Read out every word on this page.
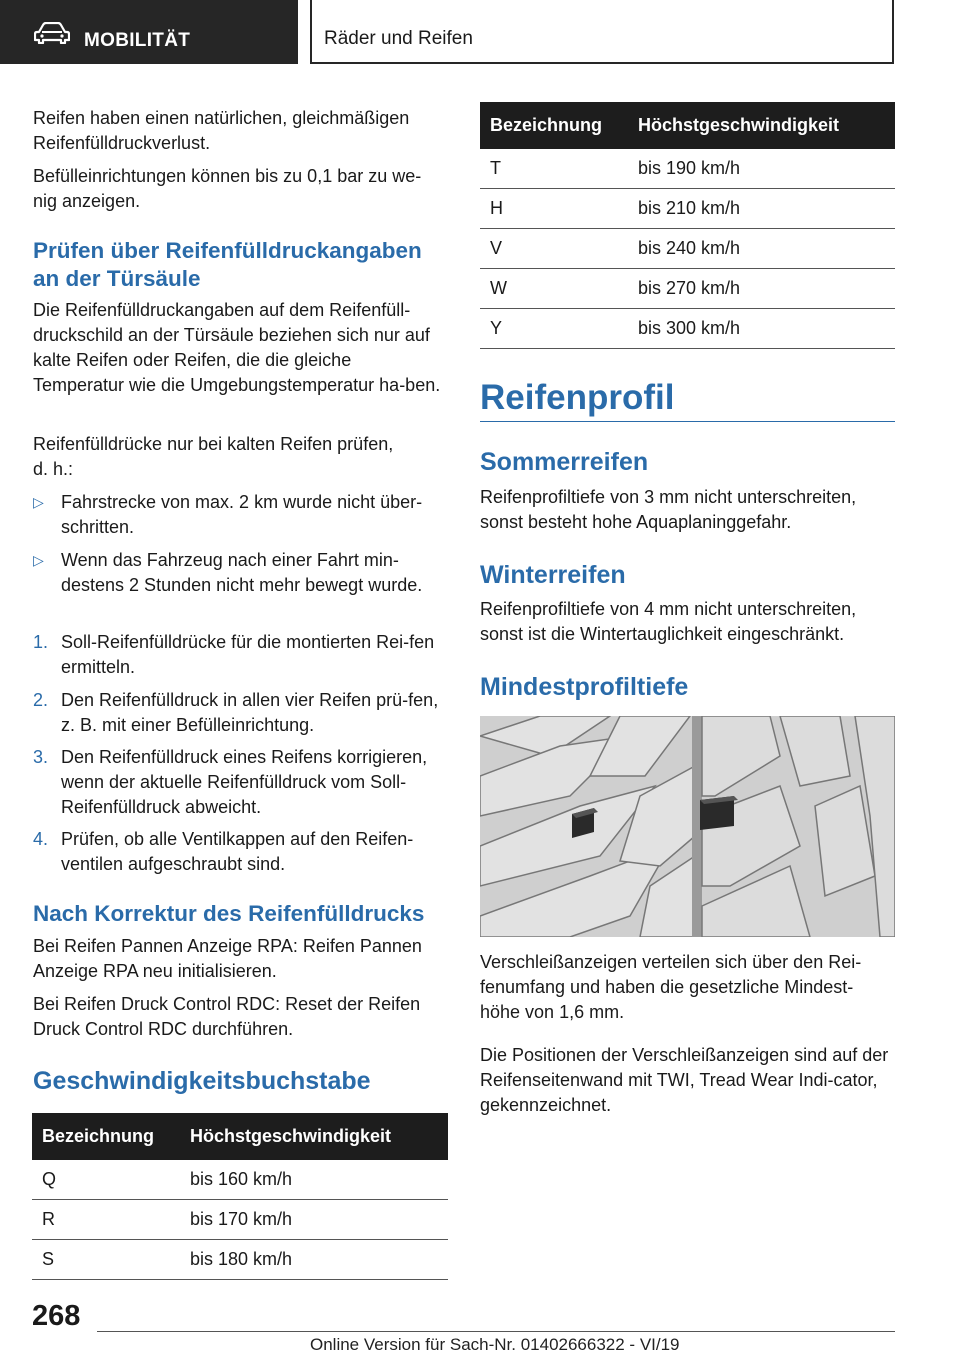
MOBILITÄT	Räder und Reifen

Reifen haben einen natürlichen, gleichmäßigen Reifenfülldruckverlust.

Befülleinrichtungen können bis zu 0,1 bar zu we-nig anzeigen.

Prüfen über Reifenfülldruckangaben an der Türsäule

Die Reifenfülldruckangaben auf dem Reifenfüll-druckschild an der Türsäule beziehen sich nur auf kalte Reifen oder Reifen, die die gleiche Temperatur wie die Umgebungstemperatur ha-ben.

Reifenfülldrücke nur bei kalten Reifen prüfen, d. h.:

▷ Fahrstrecke von max. 2 km wurde nicht über-schritten.
▷ Wenn das Fahrzeug nach einer Fahrt min-destens 2 Stunden nicht mehr bewegt wurde.
1. Soll-Reifenfülldrücke für die montierten Rei-fen ermitteln.
2. Den Reifenfülldruck in allen vier Reifen prü-fen, z. B. mit einer Befülleinrichtung.
3. Den Reifenfülldruck eines Reifens korrigieren, wenn der aktuelle Reifenfülldruck vom Soll-Reifenfülldruck abweicht.
4. Prüfen, ob alle Ventilkappen auf den Reifen-ventilen aufgeschraubt sind.
Nach Korrektur des Reifenfülldrucks

Bei Reifen Pannen Anzeige RPA: Reifen Pannen Anzeige RPA neu initialisieren.

Bei Reifen Druck Control RDC: Reset der Reifen Druck Control RDC durchführen.

Geschwindigkeitsbuchstabe
Bezeichnung	Höchstgeschwindigkeit
Q	bis 160 km/h
R	bis 170 km/h
S	bis 180 km/h
Bezeichnung	Höchstgeschwindigkeit
T	bis 190 km/h
H	bis 210 km/h
V	bis 240 km/h
W	bis 270 km/h
Y	bis 300 km/h
Reifenprofil
Sommerreifen

Reifenprofiltiefe von 3 mm nicht unterschreiten, sonst besteht hohe Aquaplaninggefahr.

Winterreifen

Reifenprofiltiefe von 4 mm nicht unterschreiten, sonst ist die Wintertauglichkeit eingeschränkt.

Mindestprofiltiefe

Verschleißanzeigen verteilen sich über den Rei-fenumfang und haben die gesetzliche Mindest-höhe von 1,6 mm.

Die Positionen der Verschleißanzeigen sind auf der Reifenseitenwand mit TWI, Tread Wear Indi-cator, gekennzeichnet.

268
Online Version für Sach-Nr. 01402666322 - VI/19
